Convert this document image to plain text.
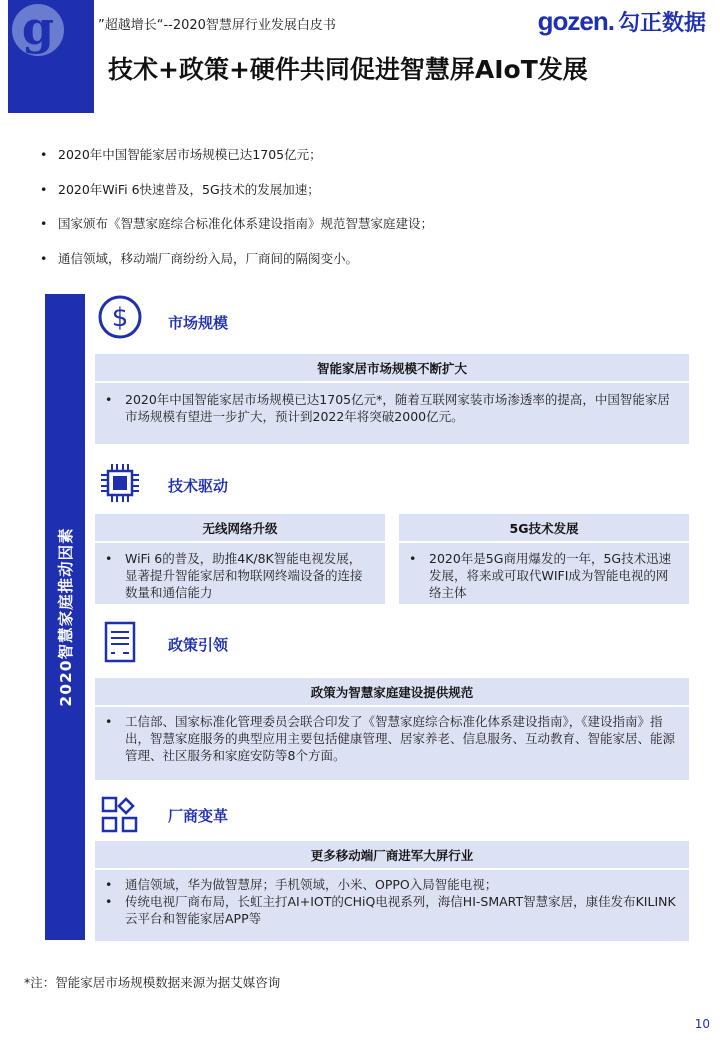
g	”超越增长“--2020智慧屏行业发展白皮书	gozen. 勾正数据
技术+政策+硬件共同促进智慧屏AIoT发展
• 2020年中国智能家居市场规模已达1705亿元；
• 2020年WiFi 6快速普及，5G技术的发展加速；
• 国家颁布《智慧家庭综合标准化体系建设指南》规范智慧家庭建设；
• 通信领域，移动端厂商纷纷入局，厂商间的隔阂变小。
2020智慧家庭推动因素
$	市场规模
智能家居市场规模不断扩大
• 2020年中国智能家居市场规模已达1705亿元*，随着互联网家装市场渗透率的提高，中国智能家居市场规模有望进一步扩大，预计到2022年将突破2000亿元。
技术驱动
无线网络升级
• WiFi 6的普及，助推4K/8K智能电视发展，显著提升智能家居和物联网终端设备的连接数量和通信能力
5G技术发展
• 2020年是5G商用爆发的一年，5G技术迅速发展，将来或可取代WIFI成为智能电视的网络主体
政策引领
政策为智慧家庭建设提供规范
• 工信部、国家标准化管理委员会联合印发了《智慧家庭综合标准化体系建设指南》，《建设指南》指出，智慧家庭服务的典型应用主要包括健康管理、居家养老、信息服务、互动教育、智能家居、能源管理、社区服务和家庭安防等8个方面。
厂商变革
更多移动端厂商进军大屏行业
• 通信领域，华为做智慧屏；手机领域，小米、OPPO入局智能电视；
• 传统电视厂商布局，长虹主打AI+IOT的CHiQ电视系列，海信HI-SMART智慧家居，康佳发布KILINK云平台和智能家居APP等
*注：智能家居市场规模数据来源为据艾媒咨询
10
